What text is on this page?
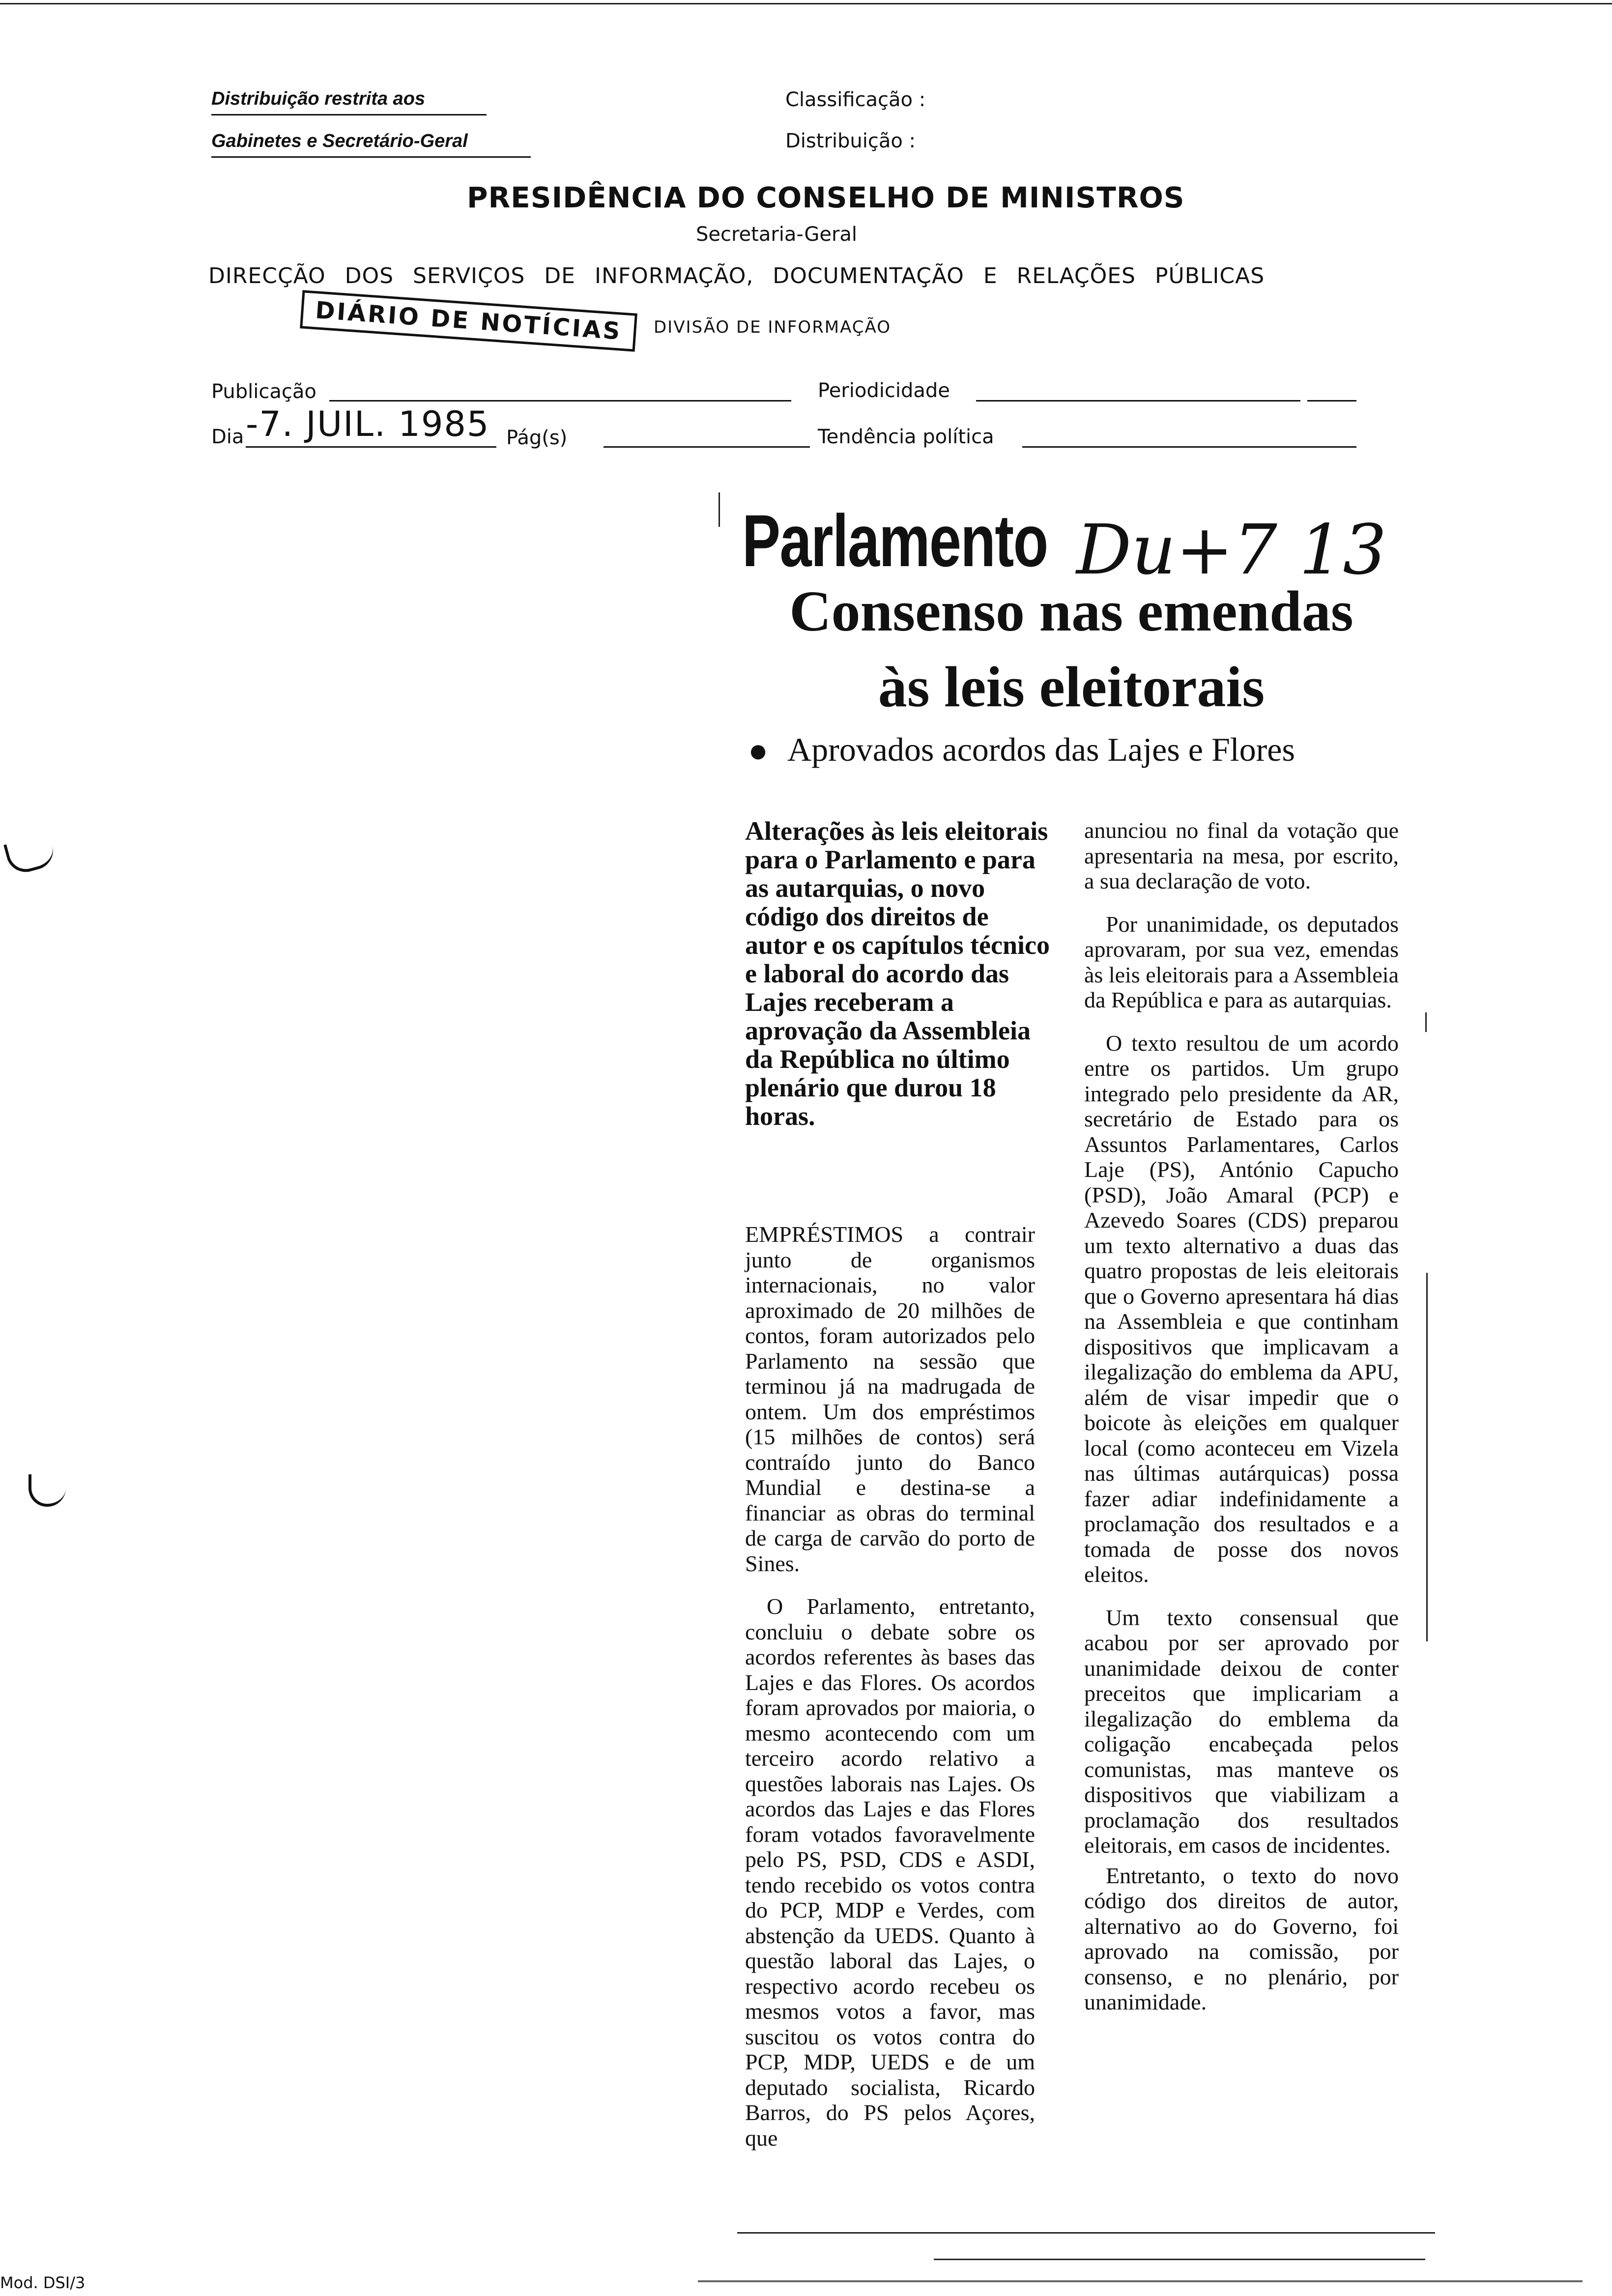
Distribuição restrita aos
Gabinetes e Secretário-Geral
Classificação :
Distribuição :
PRESIDÊNCIA DO CONSELHO DE MINISTROS
Secretaria-Geral
DIRECÇÃO DOS SERVIÇOS DE INFORMAÇÃO, DOCUMENTAÇÃO E RELAÇÕES PÚBLICAS
DIÁRIO DE NOTÍCIAS	DIVISÃO DE INFORMAÇÃO
Publicação	Periodicidade
Dia -7. JUIL. 1985 Pág(s)	Tendência política
Parlamento Du+7 13
Consenso nas emendas
às leis eleitorais
● Aprovados acordos das Lajes e Flores
Alterações às leis eleitorais para o Parlamento e para as autarquias, o novo código dos direitos de autor e os capítulos técnico e laboral do acordo das Lajes receberam a aprovação da Assembleia da República no último plenário que durou 18 horas.

EMPRÉSTIMOS a contrair junto de organismos internacionais, no valor aproximado de 20 milhões de contos, foram autorizados pelo Parlamento na sessão que terminou já na madrugada de ontem. Um dos empréstimos (15 milhões de contos) será contraído junto do Banco Mundial e destina-se a financiar as obras do terminal de carga de carvão do porto de Sines.

O Parlamento, entretanto, concluiu o debate sobre os acordos referentes às bases das Lajes e das Flores. Os acordos foram aprovados por maioria, o mesmo acontecendo com um terceiro acordo relativo a questões laborais nas Lajes. Os acordos das Lajes e das Flores foram votados favoravelmente pelo PS, PSD, CDS e ASDI, tendo recebido os votos contra do PCP, MDP e Verdes, com abstenção da UEDS. Quanto à questão laboral das Lajes, o respectivo acordo recebeu os mesmos votos a favor, mas suscitou os votos contra do PCP, MDP, UEDS e de um deputado socialista, Ricardo Barros, do PS pelos Açores, que

anunciou no final da votação que apresentaria na mesa, por escrito, a sua declaração de voto.

Por unanimidade, os deputados aprovaram, por sua vez, emendas às leis eleitorais para a Assembleia da República e para as autarquias.

O texto resultou de um acordo entre os partidos. Um grupo integrado pelo presidente da AR, secretário de Estado para os Assuntos Parlamentares, Carlos Laje (PS), António Capucho (PSD), João Amaral (PCP) e Azevedo Soares (CDS) preparou um texto alternativo a duas das quatro propostas de leis eleitorais que o Governo apresentara há dias na Assembleia e que continham dispositivos que implicavam a ilegalização do emblema da APU, além de visar impedir que o boicote às eleições em qualquer local (como aconteceu em Vizela nas últimas autárquicas) possa fazer adiar indefinidamente a proclamação dos resultados e a tomada de posse dos novos eleitos.

Um texto consensual que acabou por ser aprovado por unanimidade deixou de conter preceitos que implicariam a ilegalização do emblema da coligação encabeçada pelos comunistas, mas manteve os dispositivos que viabilizam a proclamação dos resultados eleitorais, em casos de incidentes.

Entretanto, o texto do novo código dos direitos de autor, alternativo ao do Governo, foi aprovado na comissão, por consenso, e no plenário, por unanimidade.

Mod. DSI/3
